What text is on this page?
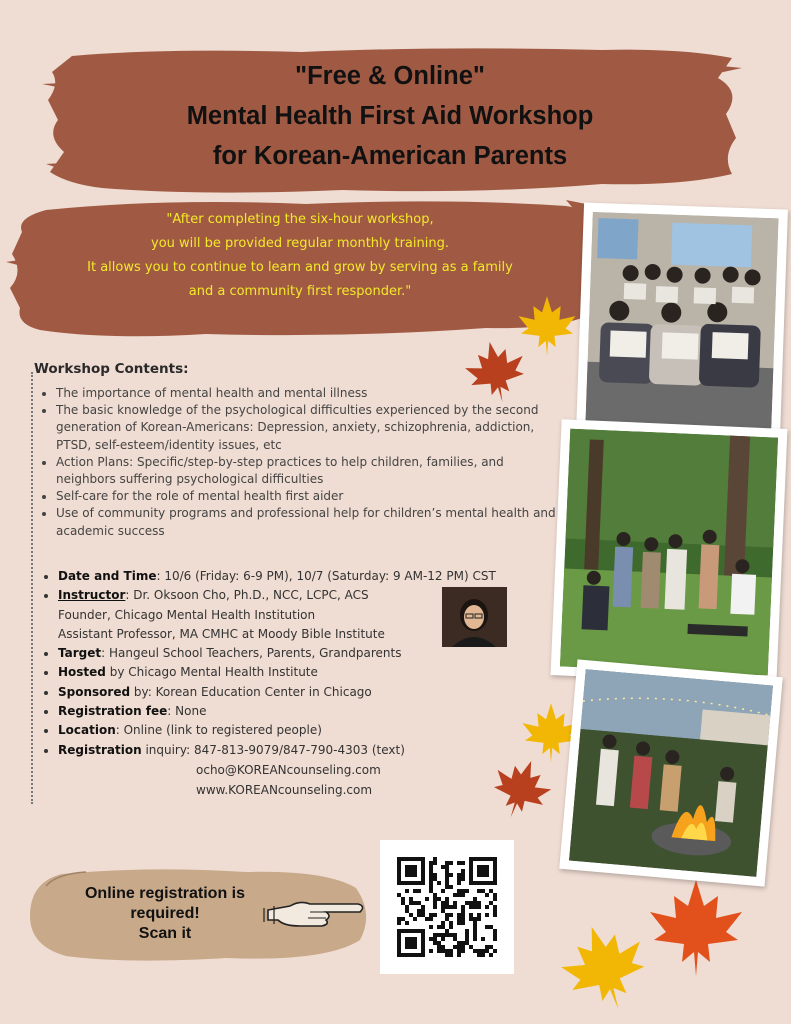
"Free & Online"
Mental Health First Aid Workshop
for Korean-American Parents
"After completing the six-hour workshop,
you will be provided regular monthly training.
It allows you to continue to learn and grow by serving as a family
and a community first responder."
Workshop Contents:
• The importance of mental health and mental illness
• The basic knowledge of the psychological difficulties experienced by the second generation of Korean-Americans: Depression, anxiety, schizophrenia, addiction, PTSD, self-esteem/identity issues, etc
• Action Plans: Specific/step-by-step practices to help children, families, and neighbors suffering psychological difficulties
• Self-care for the role of mental health first aider
• Use of community programs and professional help for children’s mental health and academic success
• Date and Time: 10/6 (Friday: 6-9 PM), 10/7 (Saturday: 9 AM-12 PM) CST
• Instructor: Dr. Oksoon Cho, Ph.D., NCC, LCPC, ACS
Founder, Chicago Mental Health Institution
Assistant Professor, MA CMHC at Moody Bible Institute
• Target: Hangeul School Teachers, Parents, Grandparents
• Hosted by Chicago Mental Health Institute
• Sponsored by: Korean Education Center in Chicago
• Registration fee: None
• Location: Online (link to registered people)
• Registration inquiry: 847-813-9079/847-790-4303 (text)
ocho@KOREANcounseling.com
www.KOREANcounseling.com
Online registration is
required!
Scan it
